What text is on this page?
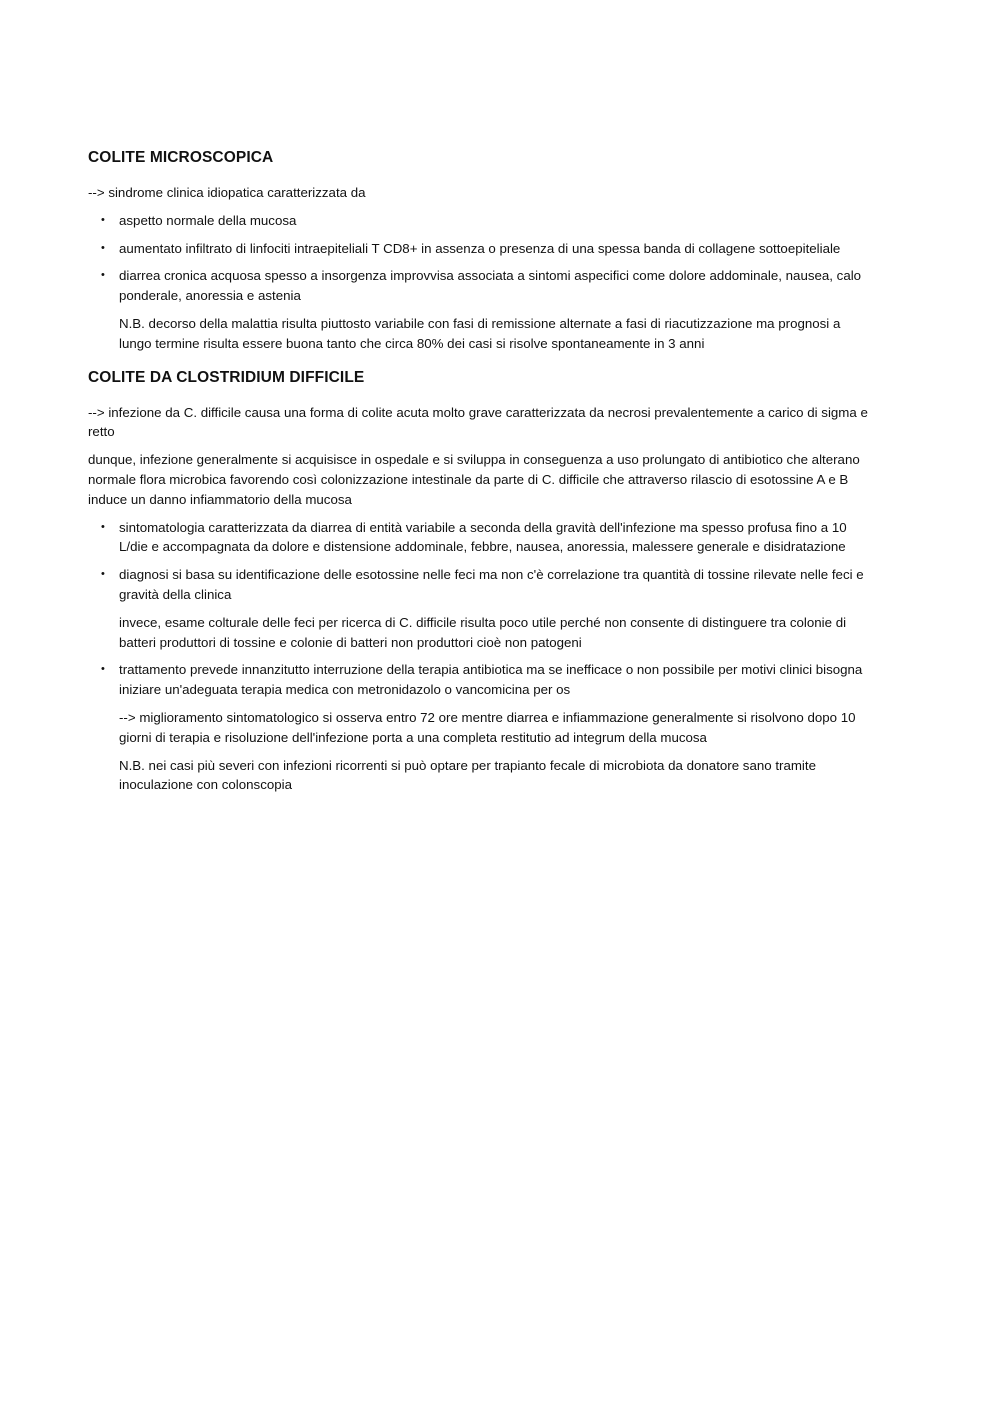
COLITE MICROSCOPICA

--> sindrome clinica idiopatica caratterizzata da

• aspetto normale della mucosa
• aumentato infiltrato di linfociti intraepiteliali T CD8+ in assenza o presenza di una spessa banda di collagene sottoepiteliale
• diarrea cronica acquosa spesso a insorgenza improvvisa associata a sintomi aspecifici come dolore addominale, nausea, calo ponderale, anoressia e astenia

N.B. decorso della malattia risulta piuttosto variabile con fasi di remissione alternate a fasi di riacutizzazione ma prognosi a lungo termine risulta essere buona tanto che circa 80% dei casi si risolve spontaneamente in 3 anni

COLITE DA CLOSTRIDIUM DIFFICILE

--> infezione da C. difficile causa una forma di colite acuta molto grave caratterizzata da necrosi prevalentemente a carico di sigma e retto

dunque, infezione generalmente si acquisisce in ospedale e si sviluppa in conseguenza a uso prolungato di antibiotico che alterano normale flora microbica favorendo così colonizzazione intestinale da parte di C. difficile che attraverso rilascio di esotossine A e B induce un danno infiammatorio della mucosa

• sintomatologia caratterizzata da diarrea di entità variabile a seconda della gravità dell'infezione ma spesso profusa fino a 10 L/die e accompagnata da dolore e distensione addominale, febbre, nausea, anoressia, malessere generale e disidratazione
• diagnosi si basa su identificazione delle esotossine nelle feci ma non c'è correlazione tra quantità di tossine rilevate nelle feci e gravità della clinica

invece, esame colturale delle feci per ricerca di C. difficile risulta poco utile perché non consente di distinguere tra colonie di batteri produttori di tossine e colonie di batteri non produttori cioè non patogeni

• trattamento prevede innanzitutto interruzione della terapia antibiotica ma se inefficace o non possibile per motivi clinici bisogna iniziare un'adeguata terapia medica con metronidazolo o vancomicina per os

--> miglioramento sintomatologico si osserva entro 72 ore mentre diarrea e infiammazione generalmente si risolvono dopo 10 giorni di terapia e risoluzione dell'infezione porta a una completa restitutio ad integrum della mucosa

N.B. nei casi più severi con infezioni ricorrenti si può optare per trapianto fecale di microbiota da donatore sano tramite inoculazione con colonscopia
